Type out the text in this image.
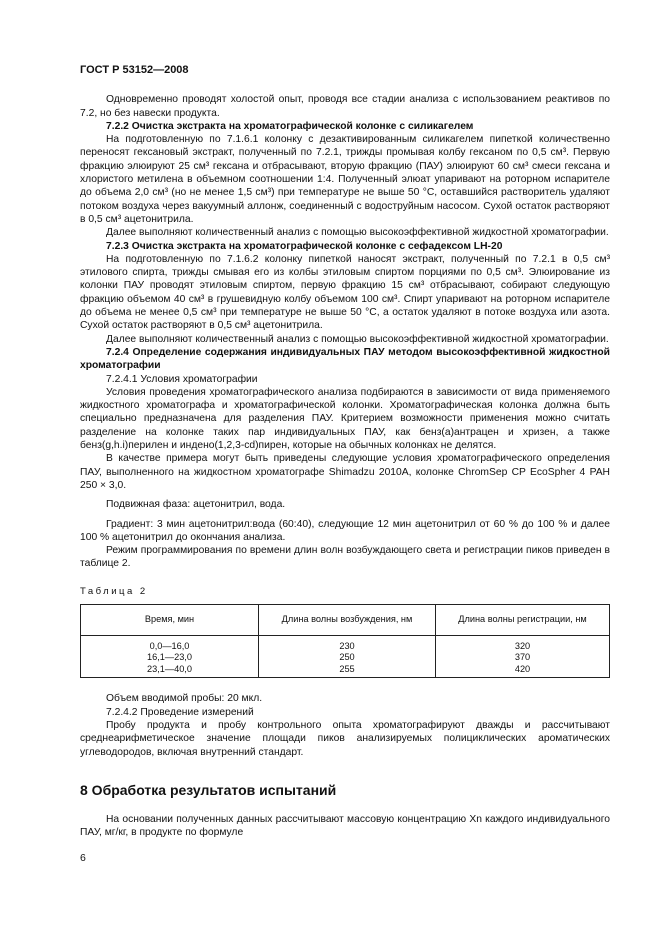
ГОСТ Р 53152—2008

Одновременно проводят холостой опыт, проводя все стадии анализа с использованием реактивов по 7.2, но без навески продукта.

7.2.2 Очистка экстракта на хроматографической колонке с силикагелем

На подготовленную по 7.1.6.1 колонку с дезактивированным силикагелем пипеткой количественно переносят гексановый экстракт, полученный по 7.2.1, трижды промывая колбу гексаном по 0,5 см³. Первую фракцию элюируют 25 см³ гексана и отбрасывают, вторую фракцию (ПАУ) элюируют 60 см³ смеси гексана и хлористого метилена в объемном соотношении 1:4. Полученный элюат упаривают на роторном испарителе до объема 2,0 см³ (но не менее 1,5 см³) при температуре не выше 50 °С, оставшийся растворитель удаляют потоком воздуха через вакуумный аллонж, соединенный с водоструйным насосом. Сухой остаток растворяют в 0,5 см³ ацетонитрила.

Далее выполняют количественный анализ с помощью высокоэффективной жидкостной хроматографии.

7.2.3 Очистка экстракта на хроматографической колонке с сефадексом LH-20

На подготовленную по 7.1.6.2 колонку пипеткой наносят экстракт, полученный по 7.2.1 в 0,5 см³ этилового спирта, трижды смывая его из колбы этиловым спиртом порциями по 0,5 см³. Элюирование из колонки ПАУ проводят этиловым спиртом, первую фракцию 15 см³ отбрасывают, собирают следующую фракцию объемом 40 см³ в грушевидную колбу объемом 100 см³. Спирт упаривают на роторном испарителе до объема не менее 0,5 см³ при температуре не выше 50 °С, а остаток удаляют в потоке воздуха или азота. Сухой остаток растворяют в 0,5 см³ ацетонитрила.

Далее выполняют количественный анализ с помощью высокоэффективной жидкостной хроматографии.

7.2.4 Определение содержания индивидуальных ПАУ методом высокоэффективной жидкостной хроматографии

7.2.4.1 Условия хроматографии

Условия проведения хроматографического анализа подбираются в зависимости от вида применяемого жидкостного хроматографа и хроматографической колонки. Хроматографическая колонка должна быть специально предназначена для разделения ПАУ. Критерием возможности применения можно считать разделение на колонке таких пар индивидуальных ПАУ, как бенз(а)антрацен и хризен, а также бенз(g,h.i)перилен и индено(1,2,3-cd)пирен, которые на обычных колонках не делятся.

В качестве примера могут быть приведены следующие условия хроматографического определения ПАУ, выполненного на жидкостном хроматографе Shimadzu 2010A, колонке ChromSep CP EcoSpher 4 PAH 250 × 3,0.

Подвижная фаза: ацетонитрил, вода.

Градиент: 3 мин ацетонитрил:вода (60:40), следующие 12 мин ацетонитрил от 60 % до 100 % и далее 100 % ацетонитрил до окончания анализа.

Режим программирования по времени длин волн возбуждающего света и регистрации пиков приведен в таблице 2.

Таблица 2

Время, мин	Длина волны возбуждения, нм	Длина волны регистрации, нм
0,0—16,0	230	320
16,1—23,0	250	370
23,1—40,0	255	420

Объем вводимой пробы: 20 мкл.

7.2.4.2 Проведение измерений

Пробу продукта и пробу контрольного опыта хроматографируют дважды и рассчитывают среднеарифметическое значение площади пиков анализируемых полициклических ароматических углеводородов, включая внутренний стандарт.

8 Обработка результатов испытаний

На основании полученных данных рассчитывают массовую концентрацию Xn каждого индивидуального ПАУ, мг/кг, в продукте по формуле

6
